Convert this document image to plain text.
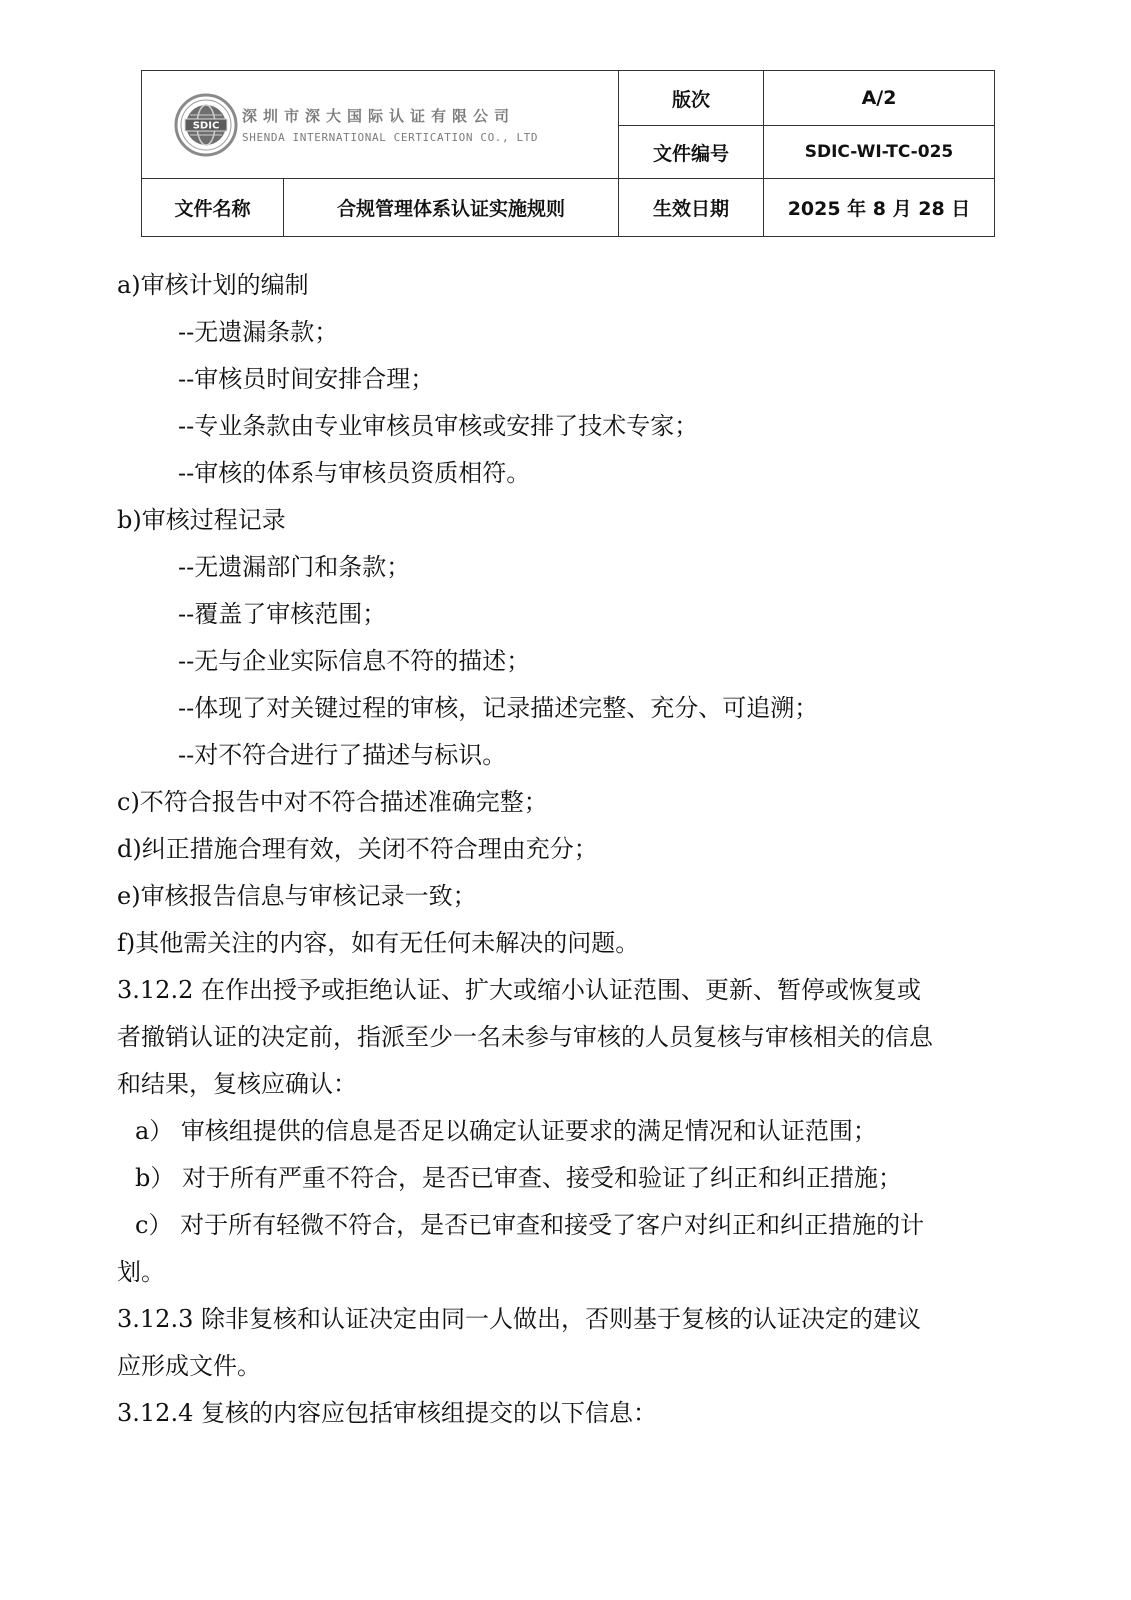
SDIC
深圳市深大国际认证有限公司
SHENDA INTERNATIONAL CERTICATION CO., LTD		版次	A/2
		文件编号	SDIC-WI-TC-025
文件名称	合规管理体系认证实施规则	生效日期	2025 年 8 月 28 日
a)审核计划的编制
--无遗漏条款；
--审核员时间安排合理；
--专业条款由专业审核员审核或安排了技术专家；
--审核的体系与审核员资质相符。
b)审核过程记录
--无遗漏部门和条款；
--覆盖了审核范围；
--无与企业实际信息不符的描述；
--体现了对关键过程的审核，记录描述完整、充分、可追溯；
--对不符合进行了描述与标识。
c)不符合报告中对不符合描述准确完整；
d)纠正措施合理有效，关闭不符合理由充分；
e)审核报告信息与审核记录一致；
f)其他需关注的内容，如有无任何未解决的问题。
3.12.2 在作出授予或拒绝认证、扩大或缩小认证范围、更新、暂停或恢复或
者撤销认证的决定前，指派至少一名未参与审核的人员复核与审核相关的信息
和结果，复核应确认：
a） 审核组提供的信息是否足以确定认证要求的满足情况和认证范围；
b） 对于所有严重不符合，是否已审查、接受和验证了纠正和纠正措施；
c） 对于所有轻微不符合，是否已审查和接受了客户对纠正和纠正措施的计
划。
3.12.3 除非复核和认证决定由同一人做出，否则基于复核的认证决定的建议
应形成文件。
3.12.4 复核的内容应包括审核组提交的以下信息：
